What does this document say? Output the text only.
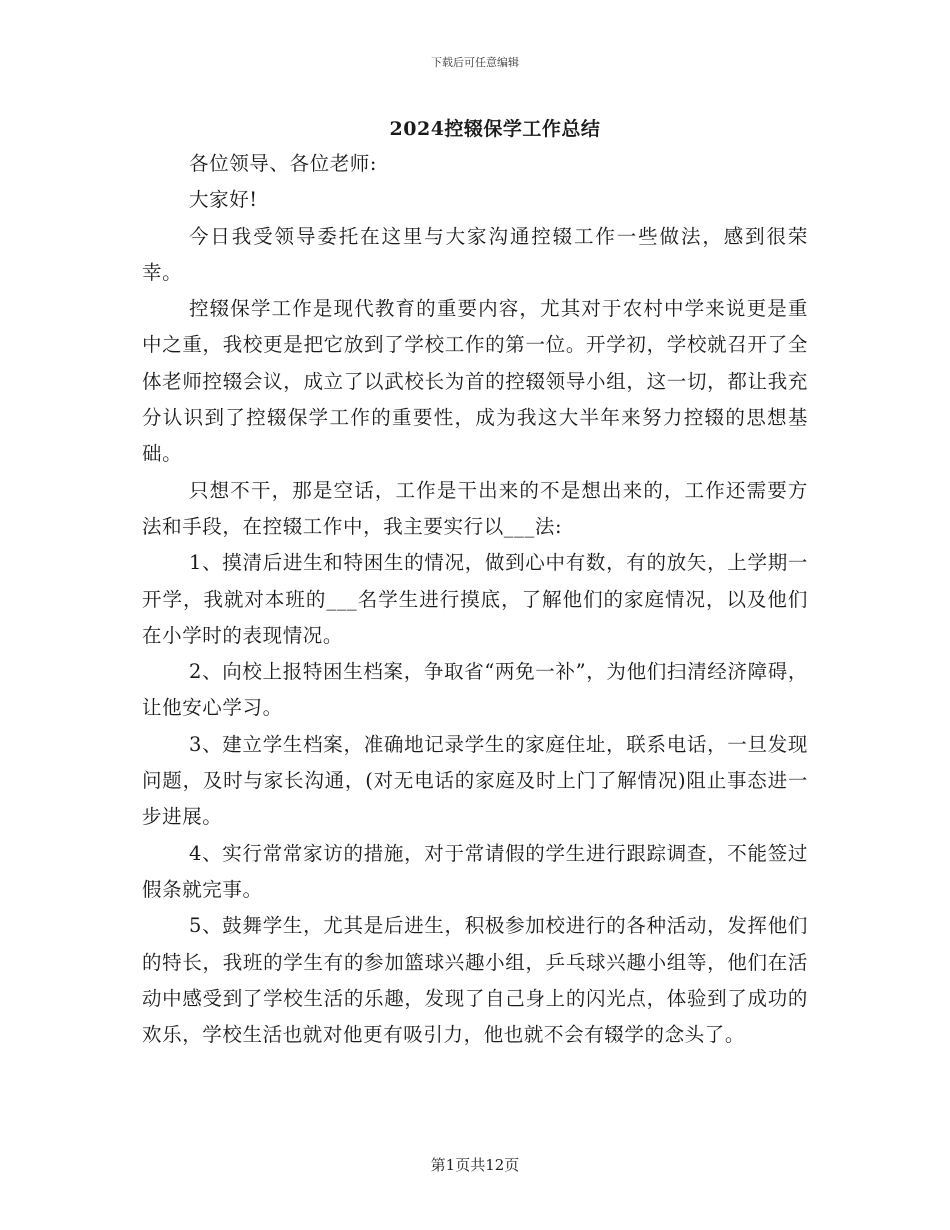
下载后可任意编辑
2024控辍保学工作总结

各位领导、各位老师:

大家好!

今日我受领导委托在这里与大家沟通控辍工作一些做法，感到很荣幸。

控辍保学工作是现代教育的重要内容，尤其对于农村中学来说更是重中之重，我校更是把它放到了学校工作的第一位。开学初，学校就召开了全体老师控辍会议，成立了以武校长为首的控辍领导小组，这一切，都让我充分认识到了控辍保学工作的重要性，成为我这大半年来努力控辍的思想基础。

只想不干，那是空话，工作是干出来的不是想出来的，工作还需要方法和手段，在控辍工作中，我主要实行以___法:

1、摸清后进生和特困生的情况，做到心中有数，有的放矢，上学期一开学，我就对本班的___名学生进行摸底，了解他们的家庭情况，以及他们在小学时的表现情况。

2、向校上报特困生档案，争取省“两免一补”，为他们扫清经济障碍，让他安心学习。

3、建立学生档案，准确地记录学生的家庭住址，联系电话，一旦发现问题，及时与家长沟通，(对无电话的家庭及时上门了解情况)阻止事态进一步进展。

4、实行常常家访的措施，对于常请假的学生进行跟踪调查，不能签过假条就完事。

5、鼓舞学生，尤其是后进生，积极参加校进行的各种活动，发挥他们的特长，我班的学生有的参加篮球兴趣小组，乒乓球兴趣小组等，他们在活动中感受到了学校生活的乐趣，发现了自己身上的闪光点，体验到了成功的欢乐，学校生活也就对他更有吸引力，他也就不会有辍学的念头了。

第1页共12页
